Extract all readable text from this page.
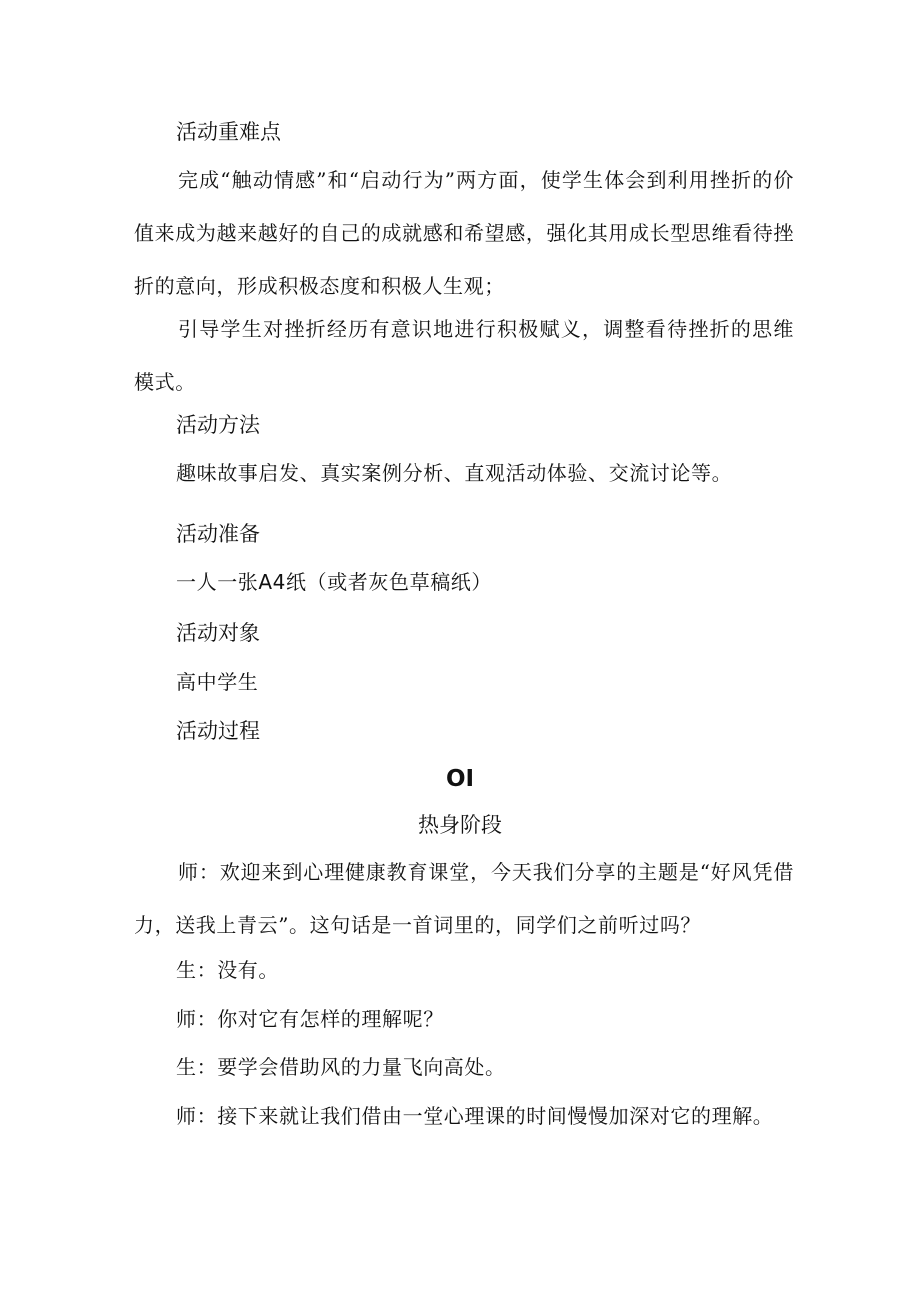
活动重难点
完成“触动情感”和“启动行为”两方面，使学生体会到利用挫折的价值来成为越来越好的自己的成就感和希望感，强化其用成长型思维看待挫折的意向，形成积极态度和积极人生观；
引导学生对挫折经历有意识地进行积极赋义，调整看待挫折的思维模式。
活动方法
趣味故事启发、真实案例分析、直观活动体验、交流讨论等。
活动准备
一人一张A4纸（或者灰色草稿纸）
活动对象
高中学生
活动过程
OI
热身阶段
师：欢迎来到心理健康教育课堂，今天我们分享的主题是“好风凭借力，送我上青云”。这句话是一首词里的，同学们之前听过吗？
生：没有。
师：你对它有怎样的理解呢？
生：要学会借助风的力量飞向高处。
师：接下来就让我们借由一堂心理课的时间慢慢加深对它的理解。
